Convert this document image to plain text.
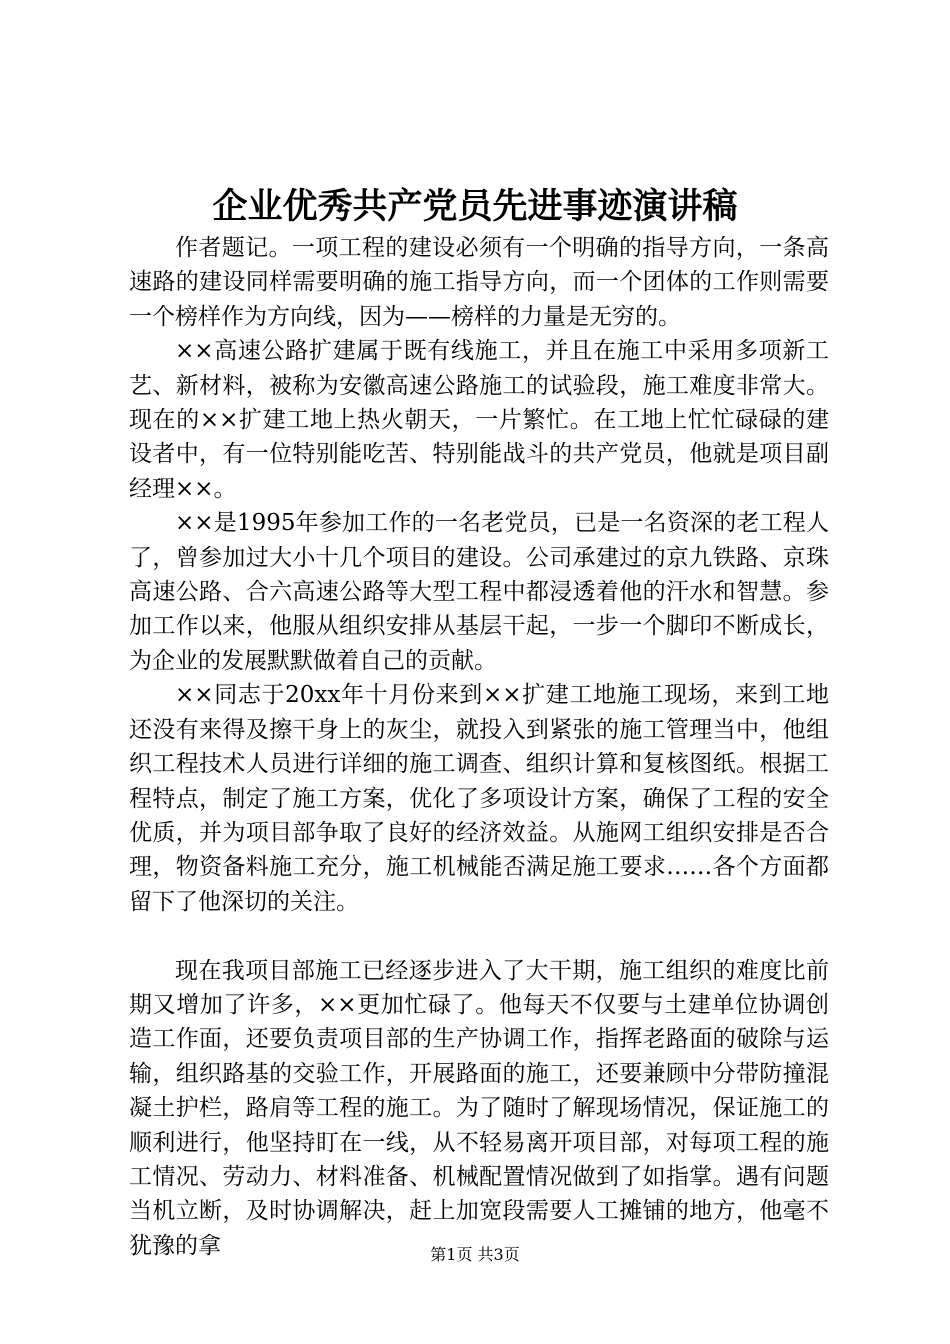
企业优秀共产党员先进事迹演讲稿

作者题记。一项工程的建设必须有一个明确的指导方向，一条高速路的建设同样需要明确的施工指导方向，而一个团体的工作则需要一个榜样作为方向线，因为——榜样的力量是无穷的。

××高速公路扩建属于既有线施工，并且在施工中采用多项新工艺、新材料，被称为安徽高速公路施工的试验段，施工难度非常大。现在的××扩建工地上热火朝天，一片繁忙。在工地上忙忙碌碌的建设者中，有一位特别能吃苦、特别能战斗的共产党员，他就是项目副经理××。

××是1995年参加工作的一名老党员，已是一名资深的老工程人了，曾参加过大小十几个项目的建设。公司承建过的京九铁路、京珠高速公路、合六高速公路等大型工程中都浸透着他的汗水和智慧。参加工作以来，他服从组织安排从基层干起，一步一个脚印不断成长，为企业的发展默默做着自己的贡献。

××同志于20xx年十月份来到××扩建工地施工现场，来到工地还没有来得及擦干身上的灰尘，就投入到紧张的施工管理当中，他组织工程技术人员进行详细的施工调查、组织计算和复核图纸。根据工程特点，制定了施工方案，优化了多项设计方案，确保了工程的安全优质，并为项目部争取了良好的经济效益。从施网工组织安排是否合理，物资备料施工充分，施工机械能否满足施工要求……各个方面都留下了他深切的关注。

现在我项目部施工已经逐步进入了大干期，施工组织的难度比前期又增加了许多，××更加忙碌了。他每天不仅要与土建单位协调创造工作面，还要负责项目部的生产协调工作，指挥老路面的破除与运输，组织路基的交验工作，开展路面的施工，还要兼顾中分带防撞混凝土护栏，路肩等工程的施工。为了随时了解现场情况，保证施工的顺利进行，他坚持盯在一线，从不轻易离开项目部，对每项工程的施工情况、劳动力、材料准备、机械配置情况做到了如指掌。遇有问题当机立断，及时协调解决，赶上加宽段需要人工摊铺的地方，他毫不犹豫的拿	第1页 共3页
